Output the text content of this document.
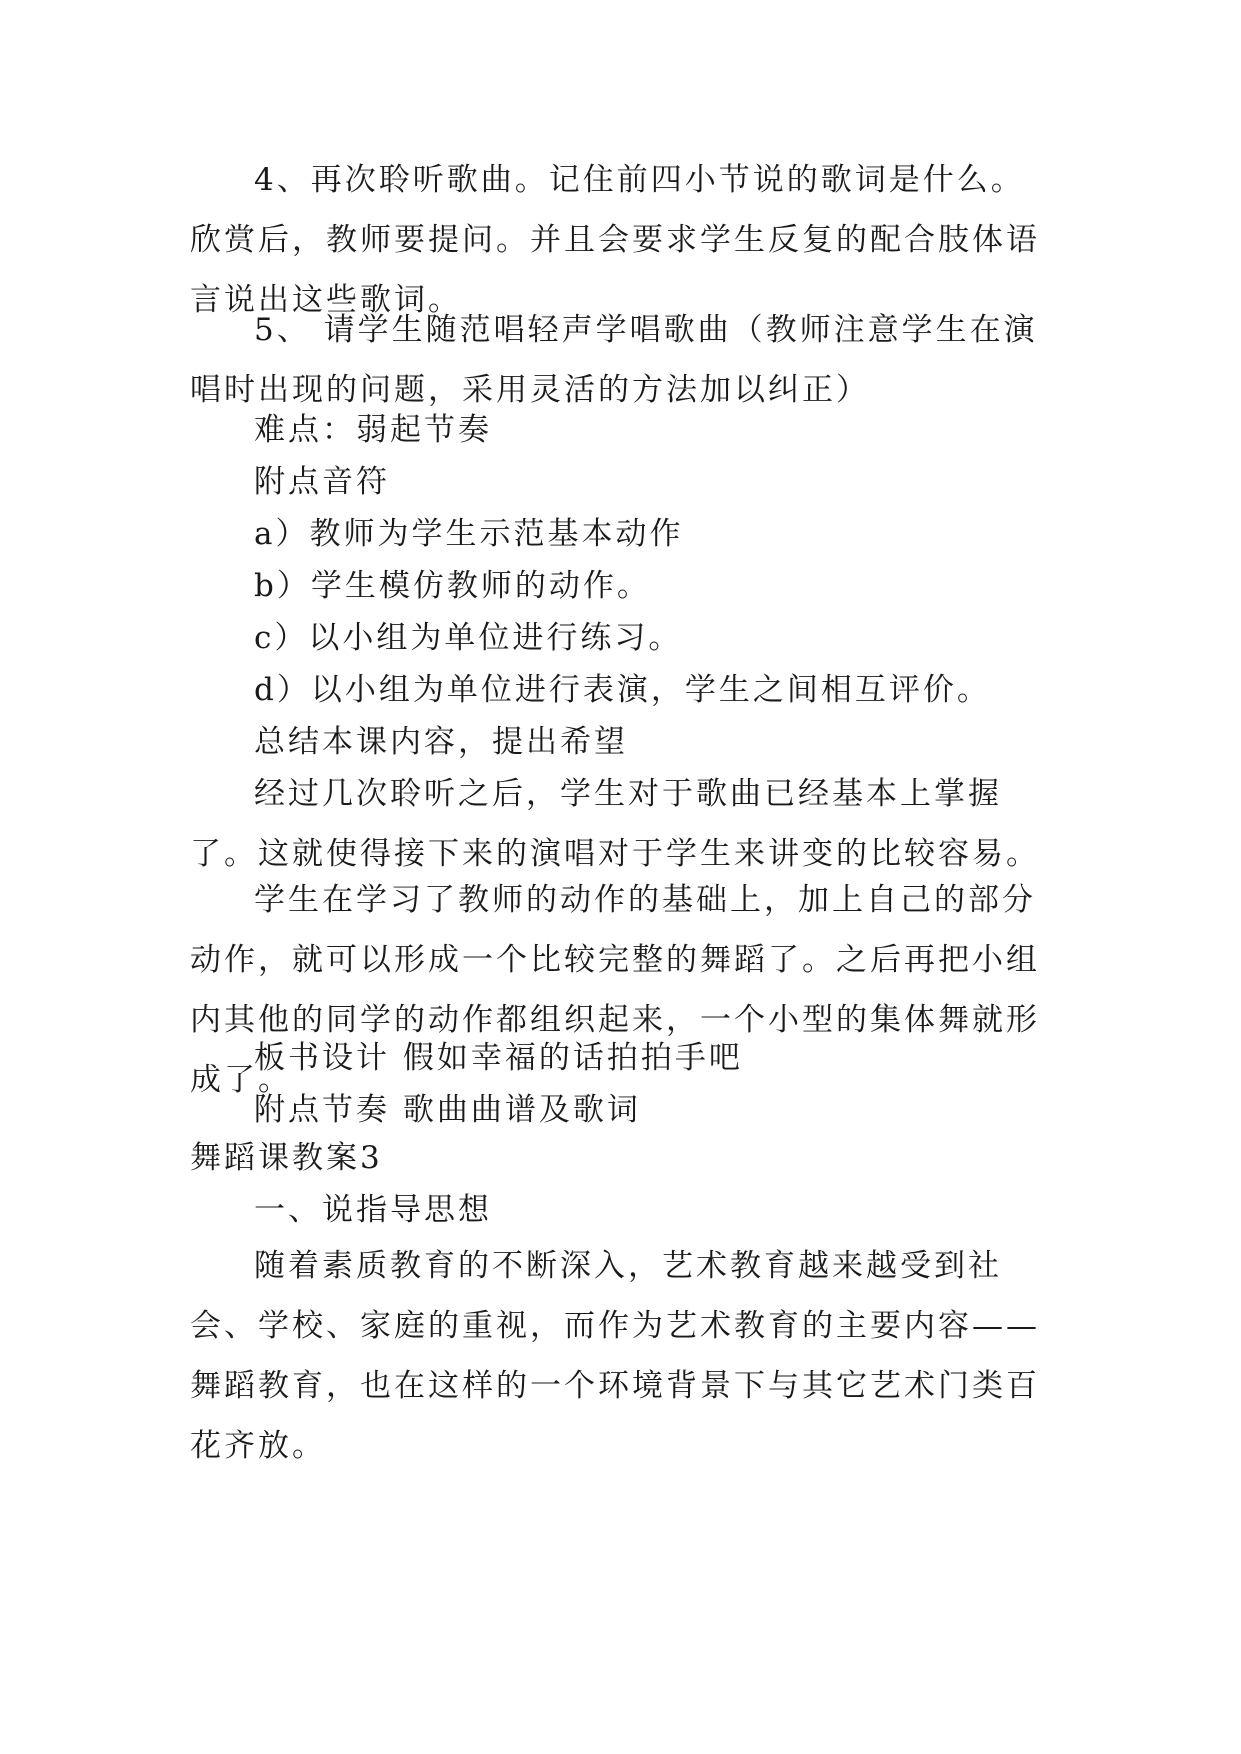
4、再次聆听歌曲。记住前四小节说的歌词是什么。欣赏后，教师要提问。并且会要求学生反复的配合肢体语言说出这些歌词。

5、 请学生随范唱轻声学唱歌曲（教师注意学生在演唱时出现的问题，采用灵活的方法加以纠正）

难点：弱起节奏

附点音符

a）教师为学生示范基本动作

b）学生模仿教师的动作。

c）以小组为单位进行练习。

d）以小组为单位进行表演，学生之间相互评价。

总结本课内容，提出希望

经过几次聆听之后，学生对于歌曲已经基本上掌握了。这就使得接下来的演唱对于学生来讲变的比较容易。

学生在学习了教师的动作的基础上，加上自己的部分动作，就可以形成一个比较完整的舞蹈了。之后再把小组内其他的同学的动作都组织起来，一个小型的集体舞就形成了。

板书设计 假如幸福的话拍拍手吧

附点节奏 歌曲曲谱及歌词

舞蹈课教案3

一、说指导思想

随着素质教育的不断深入，艺术教育越来越受到社会、学校、家庭的重视，而作为艺术教育的主要内容——舞蹈教育，也在这样的一个环境背景下与其它艺术门类百花齐放。
